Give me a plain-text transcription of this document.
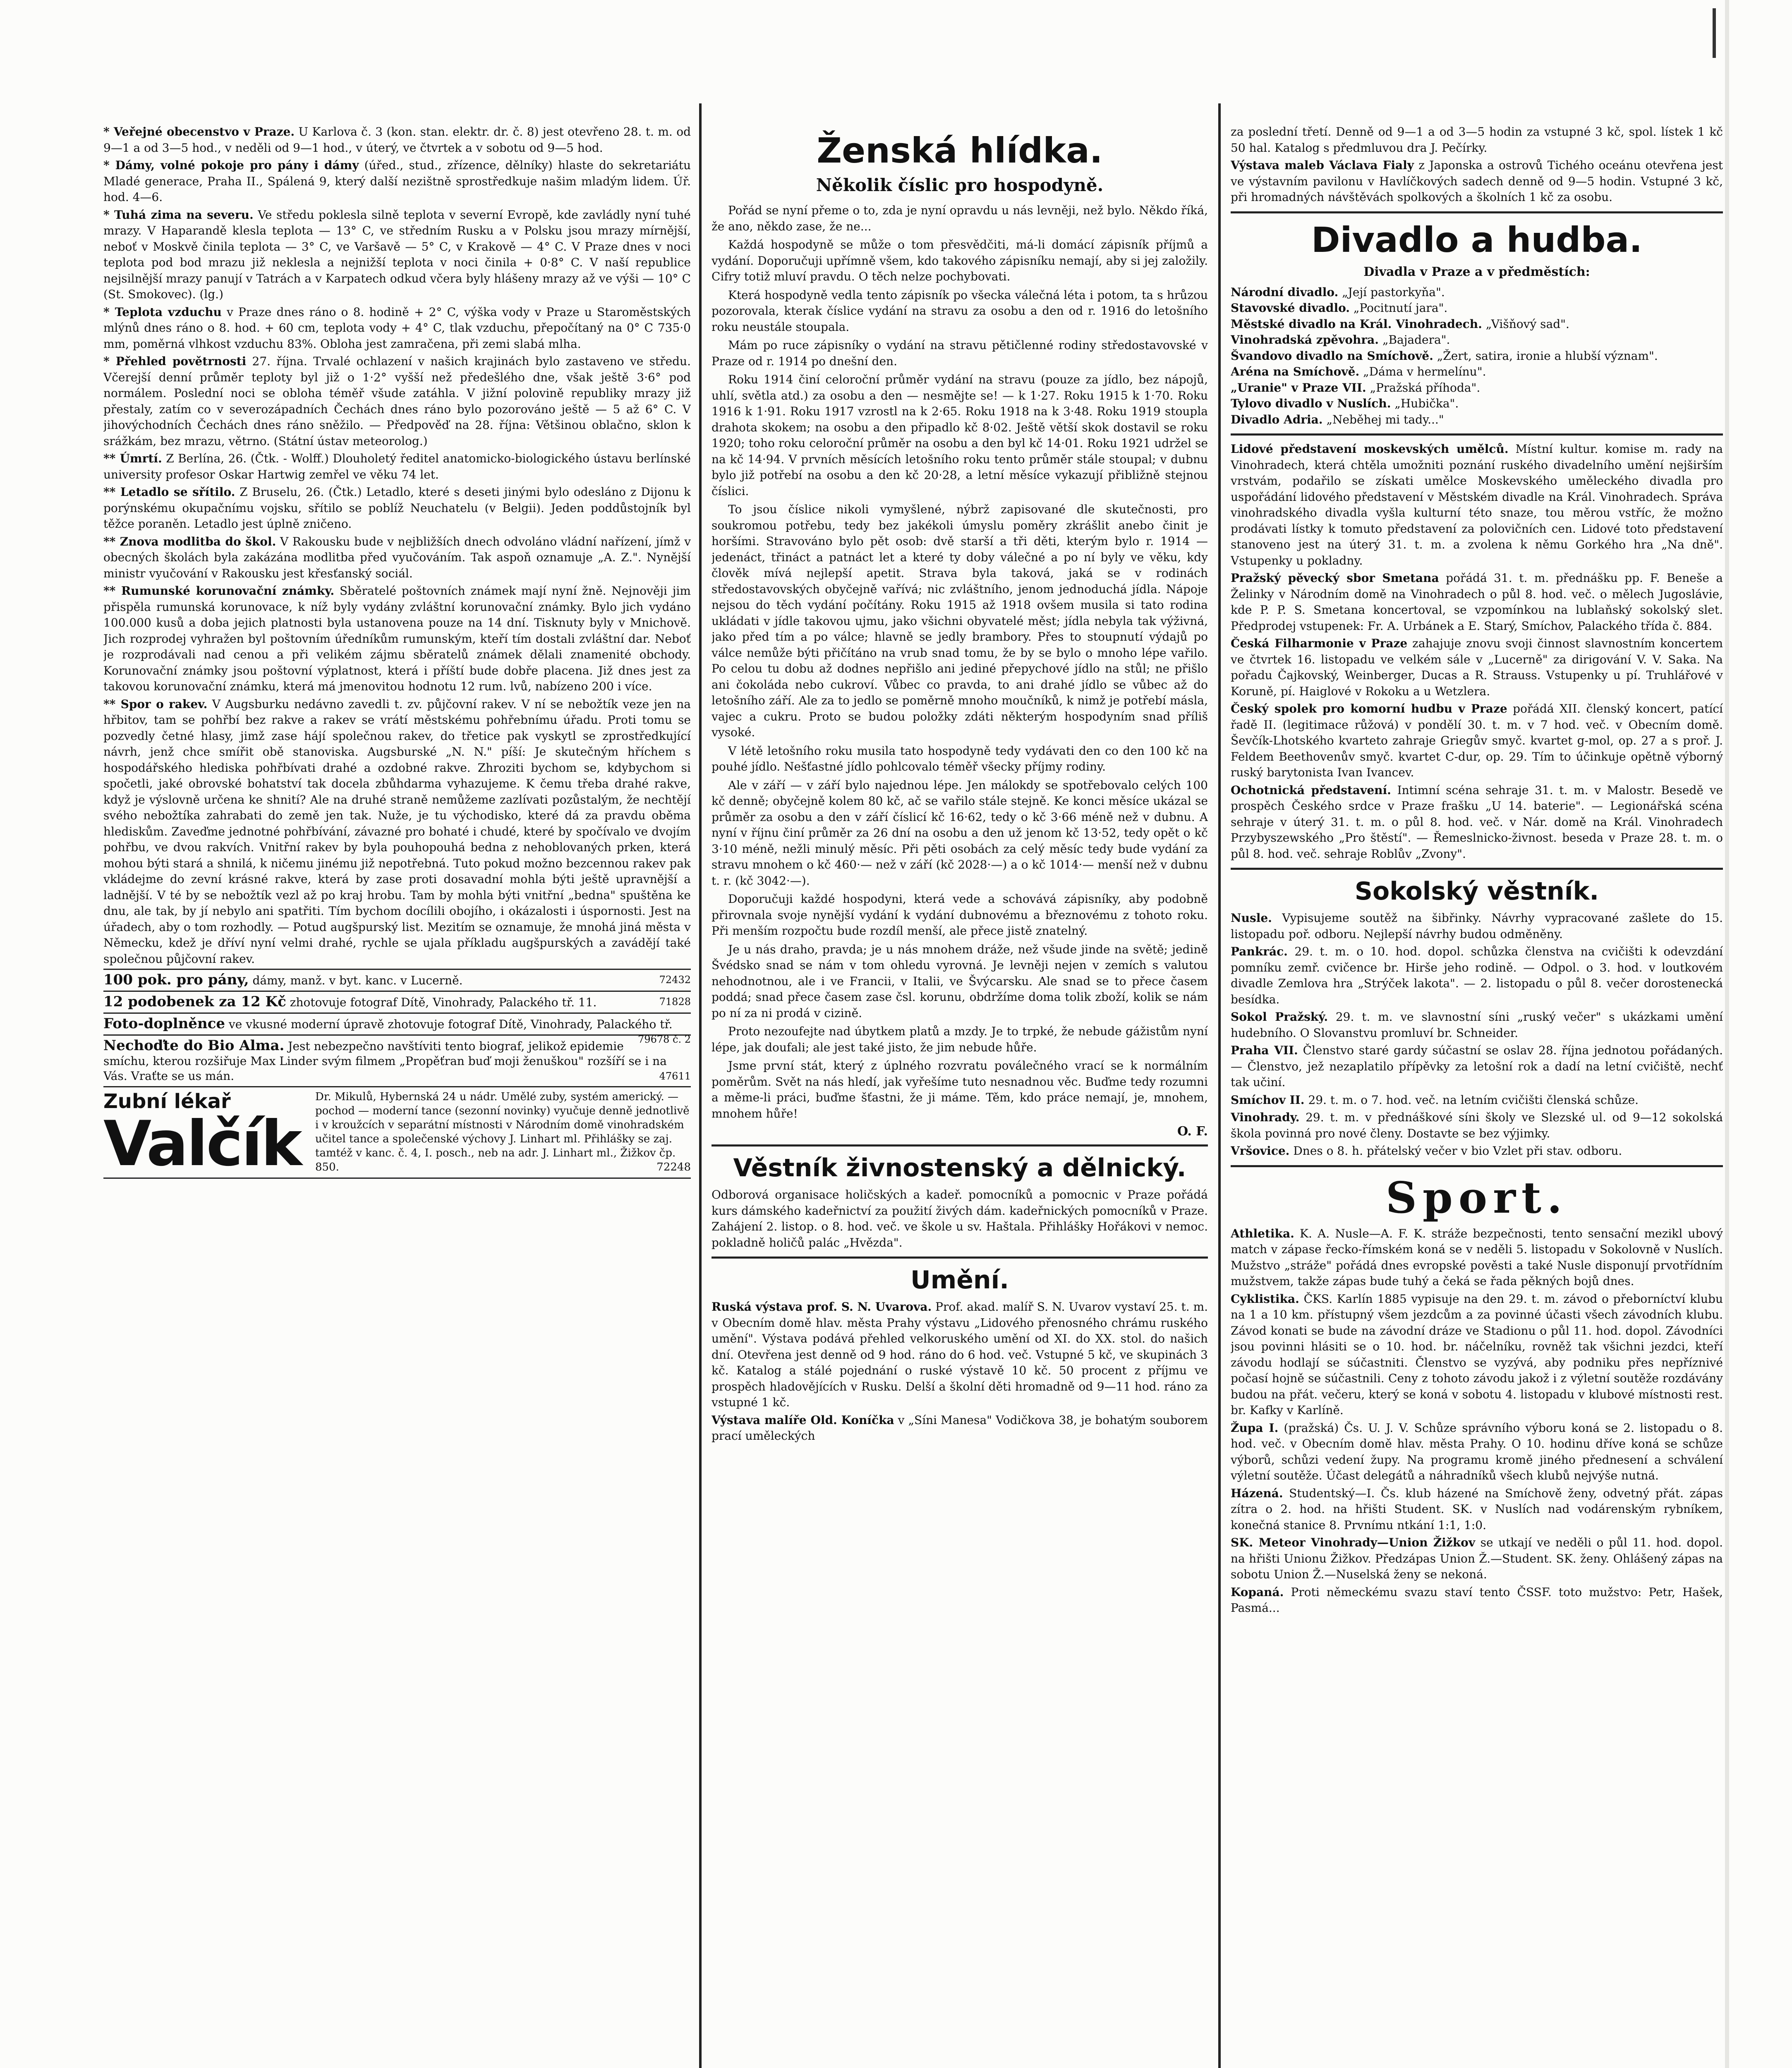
* Veřejné obecenstvo v Praze. U Karlova č. 3 (kon. stan. elektr. dr. č. 8) jest otevřeno 28. t. m. od 9—1 a od 3—5 hod., v neděli od 9—1 hod., v úterý, ve čtvrtek a v sobotu od 9—5 hod.

* Dámy, volné pokoje pro pány i dámy (úřed., stud., zřízence, dělníky) hlaste do sekretariátu Mladé generace, Praha II., Spálená 9, který další nezištně sprostředkuje našim mladým lidem. Úř. hod. 4—6.

* Tuhá zima na severu. Ve středu poklesla silně teplota v severní Evropě, kde zavládly nyní tuhé mrazy. V Haparandě klesla teplota — 13° C, ve středním Rusku a v Polsku jsou mrazy mírnější, neboť v Moskvě činila teplota — 3° C, ve Varšavě — 5° C, v Krakově — 4° C. V Praze dnes v noci teplota pod bod mrazu již neklesla a nejnižší teplota v noci činila + 0·8° C. V naší republice nejsilnější mrazy panují v Tatrách a v Karpatech odkud včera byly hlášeny mrazy až ve výši — 10° C (St. Smokovec). (lg.)

* Teplota vzduchu v Praze dnes ráno o 8. hodině + 2° C, výška vody v Praze u Staroměstských mlýnů dnes ráno o 8. hod. + 60 cm, teplota vody + 4° C, tlak vzduchu, přepočítaný na 0° C 735·0 mm, poměrná vlhkost vzduchu 83%. Obloha jest zamračena, při zemi slabá mlha.

* Přehled povětrnosti 27. října. Trvalé ochlazení v našich krajinách bylo zastaveno ve středu. Včerejší denní průměr teploty byl již o 1·2° vyšší než předešlého dne, však ještě 3·6° pod normálem. Poslední noci se obloha téměř všude zatáhla. V jižní polovině republiky mrazy již přestaly, zatím co v severozápadních Čechách dnes ráno bylo pozorováno ještě — 5 až 6° C. V jihovýchodních Čechách dnes ráno sněžilo. — Předpověď na 28. října: Většinou oblačno, sklon k srážkám, bez mrazu, větrno. (Státní ústav meteorolog.)

** Úmrtí. Z Berlína, 26. (Čtk. - Wolff.) Dlouholetý ředitel anatomicko-biologického ústavu berlínské university profesor Oskar Hartwig zemřel ve věku 74 let.

** Letadlo se sřítilo. Z Bruselu, 26. (Čtk.) Letadlo, které s deseti jinými bylo odesláno z Dijonu k porýnskému okupačnímu vojsku, sřítilo se poblíž Neuchatelu (v Belgii). Jeden poddůstojník byl těžce poraněn. Letadlo jest úplně zničeno.

** Znova modlitba do škol. V Rakousku bude v nejbližších dnech odvoláno vládní nařízení, jímž v obecných školách byla zakázána modlitba před vyučováním. Tak aspoň oznamuje „A. Z.". Nynější ministr vyučování v Rakousku jest křesťanský sociál.

** Rumunské korunovační známky. Sběratelé poštovních známek mají nyní žně. Nejnověji jim přispěla rumunská korunovace, k níž byly vydány zvláštní korunovační známky. Bylo jich vydáno 100.000 kusů a doba jejich platnosti byla ustanovena pouze na 14 dní. Tisknuty byly v Mnichově. Jich rozprodej vyhražen byl poštovním úředníkům rumunským, kteří tím dostali zvláštní dar. Neboť je rozprodávali nad cenou a při velikém zájmu sběratelů známek dělali znamenité obchody. Korunovační známky jsou poštovní výplatnost, která i příští bude dobře placena. Již dnes jest za takovou korunovační známku, která má jmenovitou hodnotu 12 rum. lvů, nabízeno 200 i více.

** Spor o rakev. V Augsburku nedávno zavedli t. zv. půjčovní rakev. V ní se nebožtík veze jen na hřbitov, tam se pohřbí bez rakve a rakev se vrátí městskému pohřebnímu úřadu. Proti tomu se pozvedly četné hlasy, jimž zase hájí společnou rakev, do třetice pak vyskytl se zprostředkující návrh, jenž chce smířit obě stanoviska. Augsburské „N. N." píší: Je skutečným hříchem s hospodářského hlediska pohřbívati drahé a ozdobné rakve. Zhroziti bychom se, kdybychom si spočetli, jaké obrovské bohatství tak docela zbůhdarma vyhazujeme. K čemu třeba drahé rakve, když je výslovně určena ke shnití? Ale na druhé straně nemůžeme zazlívati pozůstalým, že nechtějí svého nebožtíka zahrabati do země jen tak. Nuže, je tu východisko, které dá za pravdu oběma hlediskům. Zaveďme jednotné pohřbívání, závazné pro bohaté i chudé, které by spočívalo ve dvojím pohřbu, ve dvou rakvích. Vnitřní rakev by byla pouhopouhá bedna z nehoblovaných prken, která mohou býti stará a shnilá, k ničemu jinému již nepotřebná. Tuto pokud možno bezcennou rakev pak vkládejme do zevní krásné rakve, která by zase proti dosavadní mohla býti ještě upravnější a ladnější. V té by se nebožtík vezl až po kraj hrobu. Tam by mohla býti vnitřní „bedna" spuštěna ke dnu, ale tak, by jí nebylo ani spatřiti. Tím bychom docílili obojího, i okázalosti i úspornosti. Jest na úřadech, aby o tom rozhodly. — Potud augšpurský list. Mezitím se oznamuje, že mnohá jiná města v Německu, kdež je dříví nyní velmi drahé, rychle se ujala příkladu augšpurských a zavádějí také společnou půjčovní rakev.

100 pok. pro pány, dámy, manž. v byt. kanc. v Lucerně.	72432
12 podobenek za 12 Kč zhotovuje fotograf Dítě, Vinohrady, Palackého tř. 11.	71828
Foto-doplněnce ve vkusné moderní úpravě zhotovuje fotograf Dítě, Vinohrady, Palackého tř.
79678 č. 2
Nechoďte do Bio Alma. Jest nebezpečno navštíviti tento biograf, jelikož epidemie smíchu, kterou rozšiřuje Max Linder svým filmem „Propěťran buď moji ženuškou" rozšíří se i na Vás. Vraťte se us mán.	47611
Zubní lékař
Valčík
Dr. Mikulů, Hybernská 24 u nádr. Umělé zuby, systém americký. — pochod — moderní tance (sezonní novinky) vyučuje denně jednotlivě i v kroužcích v separátní místnosti v Národním domě vinohradském učitel tance a společenské výchovy J. Linhart ml. Přihlášky se zaj. tamtéž v kanc. č. 4, I. posch., neb na adr. J. Linhart ml., Žižkov čp. 850.	72248
Ženská hlídka.
Několik číslic pro hospodyně.

Pořád se nyní přeme o to, zda je nyní opravdu u nás levněji, než bylo. Někdo říká, že ano, někdo zase, že ne...

Každá hospodyně se může o tom přesvědčiti, má-li domácí zápisník příjmů a vydání. Doporučuji upřímně všem, kdo takového zápisníku nemají, aby si jej založily. Cifry totiž mluví pravdu. O těch nelze pochybovati.

Která hospodyně vedla tento zápisník po všecka válečná léta i potom, ta s hrůzou pozorovala, kterak číslice vydání na stravu za osobu a den od r. 1916 do letošního roku neustále stoupala.

Mám po ruce zápisníky o vydání na stravu pětičlenné rodiny středostavovské v Praze od r. 1914 po dnešní den.

Roku 1914 činí celoroční průměr vydání na stravu (pouze za jídlo, bez nápojů, uhlí, světla atd.) za osobu a den — nesmějte se! — k 1·27. Roku 1915 k 1·70. Roku 1916 k 1·91. Roku 1917 vzrostl na k 2·65. Roku 1918 na k 3·48. Roku 1919 stoupla drahota skokem; na osobu a den připadlo kč 8·02. Ještě větší skok dostavil se roku 1920; toho roku celoroční průměr na osobu a den byl kč 14·01. Roku 1921 udržel se na kč 14·94. V prvních měsících letošního roku tento průměr stále stoupal; v dubnu bylo již potřebí na osobu a den kč 20·28, a letní měsíce vykazují přibližně stejnou číslici.

To jsou číslice nikoli vymyšlené, nýbrž zapisované dle skutečnosti, pro soukromou potřebu, tedy bez jakékoli úmyslu poměry zkrášlit anebo činit je horšími. Stravováno bylo pět osob: dvě starší a tři děti, kterým bylo r. 1914 — jedenáct, třináct a patnáct let a které ty doby válečné a po ní byly ve věku, kdy člověk mívá nejlepší apetit. Strava byla taková, jaká se v rodinách středostavovských obyčejně vařívá; nic zvláštního, jenom jednoduchá jídla. Nápoje nejsou do těch vydání počítány. Roku 1915 až 1918 ovšem musila si tato rodina ukládati v jídle takovou ujmu, jako všichni obyvatelé měst; jídla nebyla tak výživná, jako před tím a po válce; hlavně se jedly brambory. Přes to stoupnutí výdajů po válce nemůže býti přičítáno na vrub snad tomu, že by se bylo o mnoho lépe vařilo. Po celou tu dobu až dodnes nepřišlo ani jediné přepychové jídlo na stůl; ne přišlo ani čokoláda nebo cukroví. Vůbec co pravda, to ani drahé jídlo se vůbec až do letošního září. Ale za to jedlo se poměrně mnoho moučníků, k nimž je potřebí másla, vajec a cukru. Proto se budou položky zdáti některým hospodyním snad příliš vysoké.

V létě letošního roku musila tato hospodyně tedy vydávati den co den 100 kč na pouhé jídlo. Nešťastné jídlo pohlcovalo téměř všecky příjmy rodiny.

Ale v září — v září bylo najednou lépe. Jen málokdy se spotřebovalo celých 100 kč denně; obyčejně kolem 80 kč, ač se vařilo stále stejně. Ke konci měsíce ukázal se průměr za osobu a den v září číslicí kč 16·62, tedy o kč 3·66 méně než v dubnu. A nyní v říjnu činí průměr za 26 dní na osobu a den už jenom kč 13·52, tedy opět o kč 3·10 méně, nežli minulý měsíc. Při pěti osobách za celý měsíc tedy bude vydání za stravu mnohem o kč 460·— než v září (kč 2028·—) a o kč 1014·— menší než v dubnu t. r. (kč 3042·—).

Doporučuji každé hospodyni, která vede a schovává zápisníky, aby podobně přirovnala svoje nynější vydání k vydání dubnovému a březnovému z tohoto roku. Při menším rozpočtu bude rozdíl menší, ale přece jistě znatelný.

Je u nás draho, pravda; je u nás mnohem dráže, než všude jinde na světě; jedině Švédsko snad se nám v tom ohledu vyrovná. Je levněji nejen v zemích s valutou nehodnotnou, ale i ve Francii, v Italii, ve Švýcarsku. Ale snad se to přece časem poddá; snad přece časem zase čsl. korunu, obdržíme doma tolik zboží, kolik se nám po ní za ni prodá v cizině.

Proto nezoufejte nad úbytkem platů a mzdy. Je to trpké, že nebude gážistům nyní lépe, jak doufali; ale jest také jisto, že jim nebude hůře.

Jsme první stát, který z úplného rozvratu poválečného vrací se k normálním poměrům. Svět na nás hledí, jak vyřešíme tuto nesnadnou věc. Buďme tedy rozumni a měme-li práci, buďme šťastni, že ji máme. Těm, kdo práce nemají, je, mnohem, mnohem hůře!

O. F.
Věstník živnostenský a dělnický.

Odborová organisace holičských a kadeř. pomocníků a pomocnic v Praze pořádá kurs dámského kadeřnictví za použití živých dám. kadeřnických pomocníků v Praze. Zahájení 2. listop. o 8. hod. več. ve škole u sv. Haštala. Přihlášky Hořákovi v nemoc. pokladně holičů palác „Hvězda".

Umění.

Ruská výstava prof. S. N. Uvarova. Prof. akad. malíř S. N. Uvarov vystaví 25. t. m. v Obecním domě hlav. města Prahy výstavu „Lidového přenosného chrámu ruského umění". Výstava podává přehled velkoruského umění od XI. do XX. stol. do našich dní. Otevřena jest denně od 9 hod. ráno do 6 hod. več. Vstupné 5 kč, ve skupinách 3 kč. Katalog a stálé pojednání o ruské výstavě 10 kč. 50 procent z příjmu ve prospěch hladovějících v Rusku. Delší a školní děti hromadně od 9—11 hod. ráno za vstupné 1 kč.

Výstava malíře Old. Koníčka v „Síni Manesa" Vodičkova 38, je bohatým souborem prací uměleckých

za poslední třetí. Denně od 9—1 a od 3—5 hodin za vstupné 3 kč, spol. lístek 1 kč 50 hal. Katalog s předmluvou dra J. Pečírky.

Výstava maleb Václava Fialy z Japonska a ostrovů Tichého oceánu otevřena jest ve výstavním pavilonu v Havlíčkových sadech denně od 9—5 hodin. Vstupné 3 kč, při hromadných návštěvách spolkových a školních 1 kč za osobu.

Divadlo a hudba.
Divadla v Praze a v předměstích:

Národní divadlo. „Její pastorkyňa".

Stavovské divadlo. „Pocitnutí jara".

Městské divadlo na Král. Vinohradech. „Višňový sad".

Vinohradská zpěvohra. „Bajadera".

Švandovo divadlo na Smíchově. „Žert, satira, ironie a hlubší význam".

Aréna na Smíchově. „Dáma v hermelínu".

„Uranie" v Praze VII. „Pražská příhoda".

Tylovo divadlo v Nuslích. „Hubička".

Divadlo Adria. „Neběhej mi tady..."

Lidové představení moskevských umělců. Místní kultur. komise m. rady na Vinohradech, která chtěla umožniti poznání ruského divadelního umění nejširším vrstvám, podařilo se získati umělce Moskevského uměleckého divadla pro uspořádání lidového představení v Městském divadle na Král. Vinohradech. Správa vinohradského divadla vyšla kulturní této snaze, tou měrou vstříc, že možno prodávati lístky k tomuto představení za polovičních cen. Lidové toto představení stanoveno jest na úterý 31. t. m. a zvolena k němu Gorkého hra „Na dně". Vstupenky u pokladny.

Pražský pěvecký sbor Smetana pořádá 31. t. m. přednášku pp. F. Beneše a Želinky v Národním domě na Vinohradech o půl 8. hod. več. o mělech Jugoslávie, kde P. P. S. Smetana koncertoval, se vzpomínkou na lublaňský sokolský slet. Předprodej vstupenek: Fr. A. Urbánek a E. Starý, Smíchov, Palackého třída č. 884.

Česká Filharmonie v Praze zahajuje znovu svoji činnost slavnostním koncertem ve čtvrtek 16. listopadu ve velkém sále v „Lucerně" za dirigování V. V. Saka. Na pořadu Čajkovský, Weinberger, Ducas a R. Strauss. Vstupenky u pí. Truhlářové v Koruně, pí. Haiglové v Rokoku a u Wetzlera.

Český spolek pro komorní hudbu v Praze pořádá XII. členský koncert, patící řadě II. (legitimace růžová) v pondělí 30. t. m. v 7 hod. več. v Obecním domě. Ševčík-Lhotského kvarteto zahraje Griegův smyč. kvartet g-mol, op. 27 a s proř. J. Feldem Beethovenův smyč. kvartet C-dur, op. 29. Tím to účinkuje opětně výborný ruský barytonista Ivan Ivancev.

Ochotnická představení. Intimní scéna sehraje 31. t. m. v Malostr. Besedě ve prospěch Českého srdce v Praze frašku „U 14. baterie". — Legionářská scéna sehraje v úterý 31. t. m. o půl 8. hod. več. v Nár. domě na Král. Vinohradech Przybyszewského „Pro štěstí". — Řemeslnicko-živnost. beseda v Praze 28. t. m. o půl 8. hod. več. sehraje Roblův „Zvony".

Sokolský věstník.

Nusle. Vypisujeme soutěž na šibřinky. Návrhy vypracované zašlete do 15. listopadu poř. odboru. Nejlepší návrhy budou odměněny.

Pankrác. 29. t. m. o 10. hod. dopol. schůzka členstva na cvičišti k odevzdání pomníku zemř. cvičence br. Hirše jeho rodině. — Odpol. o 3. hod. v loutkovém divadle Zemlova hra „Strýček lakota". — 2. listopadu o půl 8. večer dorostenecká besídka.

Sokol Pražský. 29. t. m. ve slavnostní síni „ruský večer" s ukázkami umění hudebního. O Slovanstvu promluví br. Schneider.

Praha VII. Členstvo staré gardy súčastní se oslav 28. října jednotou pořádaných. — Členstvo, jež nezaplatilo přípěvky za letošní rok a dadí na letní cvičiště, nechť tak učiní.

Smíchov II. 29. t. m. o 7. hod. več. na letním cvičišti členská schůze.

Vinohrady. 29. t. m. v přednáškové síni školy ve Slezské ul. od 9—12 sokolská škola povinná pro nové členy. Dostavte se bez výjimky.

Vršovice. Dnes o 8. h. přátelský večer v bio Vzlet při stav. odboru.

Sport.

Athletika. K. A. Nusle—A. F. K. stráže bezpečnosti, tento sensační mezikl ubový match v zápase řecko-římském koná se v neděli 5. listopadu v Sokolovně v Nuslích. Mužstvo „stráže" pořádá dnes evropské pověsti a také Nusle disponují prvotřídním mužstvem, takže zápas bude tuhý a čeká se řada pěkných bojů dnes.

Cyklistika. ČKS. Karlín 1885 vypisuje na den 29. t. m. závod o přeborníctví klubu na 1 a 10 km. přístupný všem jezdcům a za povinné účasti všech závodních klubu. Závod konati se bude na závodní dráze ve Stadionu o půl 11. hod. dopol. Závodníci jsou povinni hlásiti se o 10. hod. br. náčelníku, rovněž tak všichni jezdci, kteří závodu hodlají se súčastniti. Členstvo se vyzývá, aby podniku přes nepříznivé počasí hojně se súčastnili. Ceny z tohoto závodu jakož i z výletní soutěže rozdávány budou na přát. večeru, který se koná v sobotu 4. listopadu v klubové místnosti rest. br. Kafky v Karlíně.

Župa I. (pražská) Čs. U. J. V. Schůze správního výboru koná se 2. listopadu o 8. hod. več. v Obecním domě hlav. města Prahy. O 10. hodinu dříve koná se schůze výborů, schůzi vedení župy. Na programu kromě jiného přednesení a schválení výletní soutěže. Účast delegátů a náhradníků všech klubů nejvýše nutná.

Házená. Studentský—I. Čs. klub házené na Smíchově ženy, odvetný přát. zápas zítra o 2. hod. na hřišti Student. SK. v Nuslích nad vodárenským rybníkem, konečná stanice 8. Prvnímu ntkání 1:1, 1:0.

SK. Meteor Vinohrady—Union Žižkov se utkají ve neděli o půl 11. hod. dopol. na hřišti Unionu Žižkov. Předzápas Union Ž.—Student. SK. ženy. Ohlášený zápas na sobotu Union Ž.—Nuselská ženy se nekoná.

Kopaná. Proti německému svazu staví tento ČSSF. toto mužstvo: Petr, Hašek, Pasmá...
